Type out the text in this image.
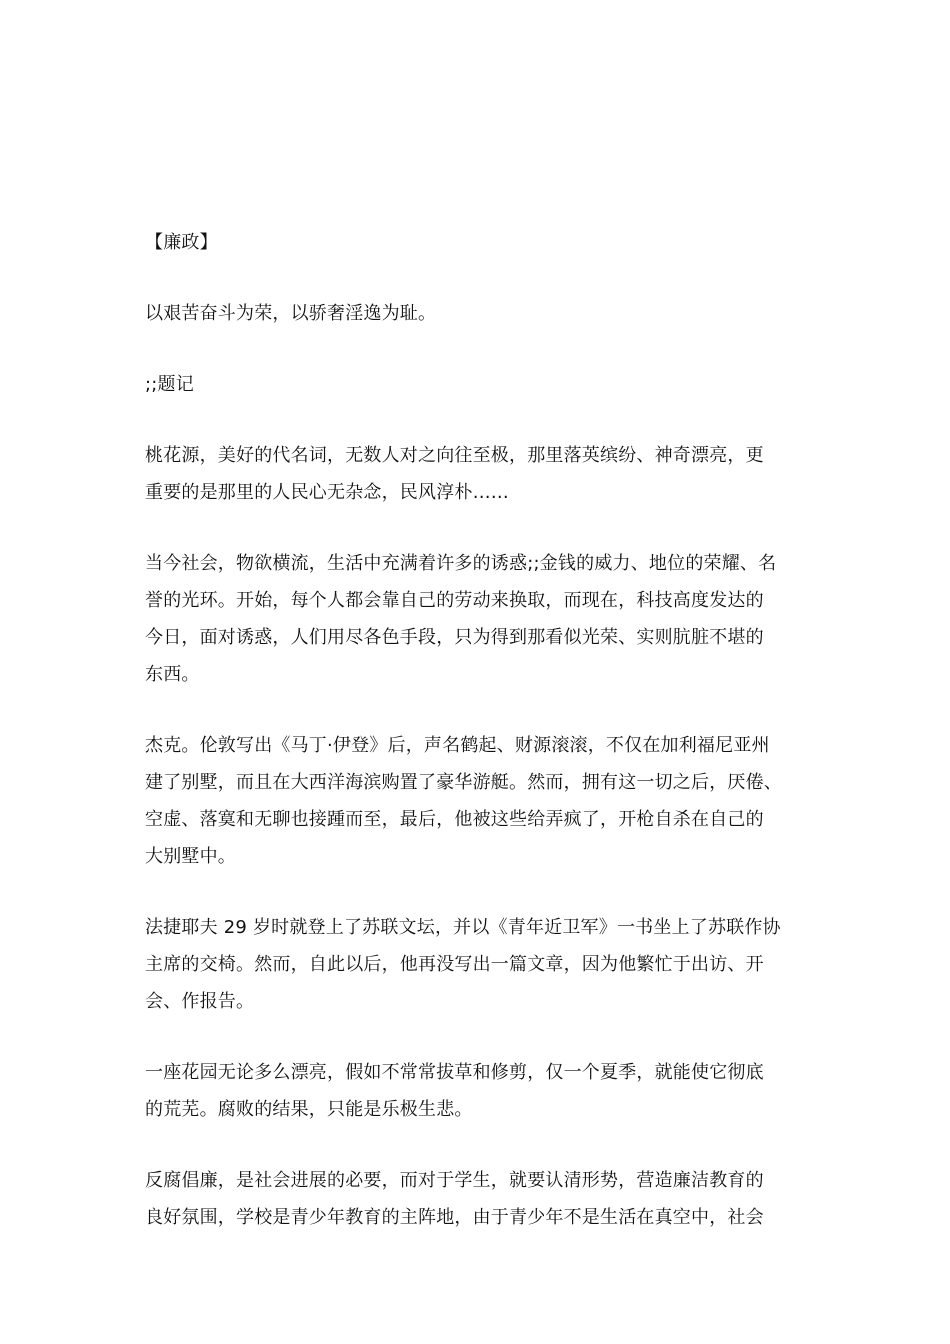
【廉政】

以艰苦奋斗为荣，以骄奢淫逸为耻。

;;题记

桃花源，美好的代名词，无数人对之向往至极，那里落英缤纷、神奇漂亮，更
重要的是那里的人民心无杂念，民风淳朴……

当今社会，物欲横流，生活中充满着许多的诱惑;;金钱的威力、地位的荣耀、名
誉的光环。开始，每个人都会靠自己的劳动来换取，而现在，科技高度发达的
今日，面对诱惑，人们用尽各色手段，只为得到那看似光荣、实则肮脏不堪的
东西。

杰克。伦敦写出《马丁·伊登》后，声名鹤起、财源滚滚，不仅在加利福尼亚州
建了别墅，而且在大西洋海滨购置了豪华游艇。然而，拥有这一切之后，厌倦、
空虚、落寞和无聊也接踵而至，最后，他被这些给弄疯了，开枪自杀在自己的
大别墅中。

法捷耶夫 29 岁时就登上了苏联文坛，并以《青年近卫军》一书坐上了苏联作协
主席的交椅。然而，自此以后，他再没写出一篇文章，因为他繁忙于出访、开
会、作报告。

一座花园无论多么漂亮，假如不常常拔草和修剪，仅一个夏季，就能使它彻底
的荒芜。腐败的结果，只能是乐极生悲。

反腐倡廉，是社会进展的必要，而对于学生，就要认清形势，营造廉洁教育的
良好氛围，学校是青少年教育的主阵地，由于青少年不是生活在真空中，社会
